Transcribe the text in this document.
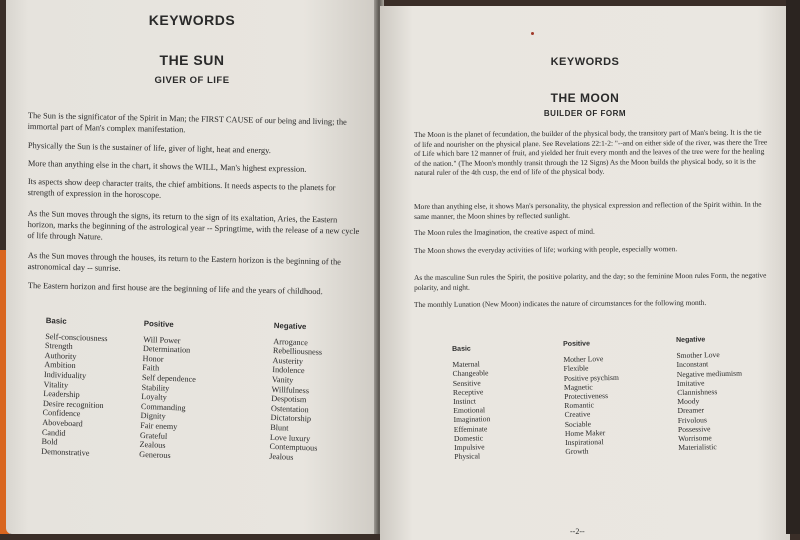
KEYWORDS
THE SUN
GIVER OF LIFE

The Sun is the significator of the Spirit in Man; the FIRST CAUSE of our being and living; the immortal part of Man's complex manifestation.

Physically the Sun is the sustainer of life, giver of light, heat and energy.

More than anything else in the chart, it shows the WILL, Man's highest expression.

Its aspects show deep character traits, the chief ambitions. It needs aspects to the planets for strength of expression in the horoscope.

As the Sun moves through the signs, its return to the sign of its exaltation, Aries, the Eastern horizon, marks the beginning of the astrological year -- Springtime, with the release of a new cycle of life through Nature.

As the Sun moves through the houses, its return to the Eastern horizon is the beginning of the astronomical day -- sunrise.

The Eastern horizon and first house are the beginning of life and the years of childhood.

Basic
Self-consciousness
Strength
Authority
Ambition
Individuality
Vitality
Leadership
Desire recognition
Confidence
Aboveboard
Candid
Bold
Demonstrative
Positive
Will Power
Determination
Honor
Faith
Self dependence
Stability
Loyalty
Commanding
Dignity
Fair enemy
Grateful
Zealous
Generous
Negative
Arrogance
Rebelliousness
Austerity
Indolence
Vanity
Willfulness
Despotism
Ostentation
Dictatorship
Blunt
Love luxury
Contemptuous
Jealous
KEYWORDS
THE MOON
BUILDER OF FORM

The Moon is the planet of fecundation, the builder of the physical body, the transitory part of Man's being. It is the tie of life and nourisher on the physical plane. See Revelations 22:1-2: "--and on either side of the river, was there the Tree of Life which bare 12 manner of fruit, and yielded her fruit every month and the leaves of the tree were for the healing of the nation." (The Moon's monthly transit through the 12 Signs) As the Moon builds the physical body, so it is the natural ruler of the 4th cusp, the end of life of the physical body.

More than anything else, it shows Man's personality, the physical expression and reflection of the Spirit within. In the same manner, the Moon shines by reflected sunlight.

The Moon rules the Imagination, the creative aspect of mind.

The Moon shows the everyday activities of life; working with people, especially women.

As the masculine Sun rules the Spirit, the positive polarity, and the day; so the feminine Moon rules Form, the negative polarity, and night.

The monthly Lunation (New Moon) indicates the nature of circumstances for the following month.

Basic
Maternal
Changeable
Sensitive
Receptive
Instinct
Emotional
Imagination
Effeminate
Domestic
Impulsive
Physical
Positive
Mother Love
Flexible
Positive psychism
Magnetic
Protectiveness
Romantic
Creative
Sociable
Home Maker
Inspirational
Growth
Negative
Smother Love
Inconstant
Negative mediumism
Imitative
Clannishness
Moody
Dreamer
Frivolous
Possessive
Worrisome
Materialistic
--2--
